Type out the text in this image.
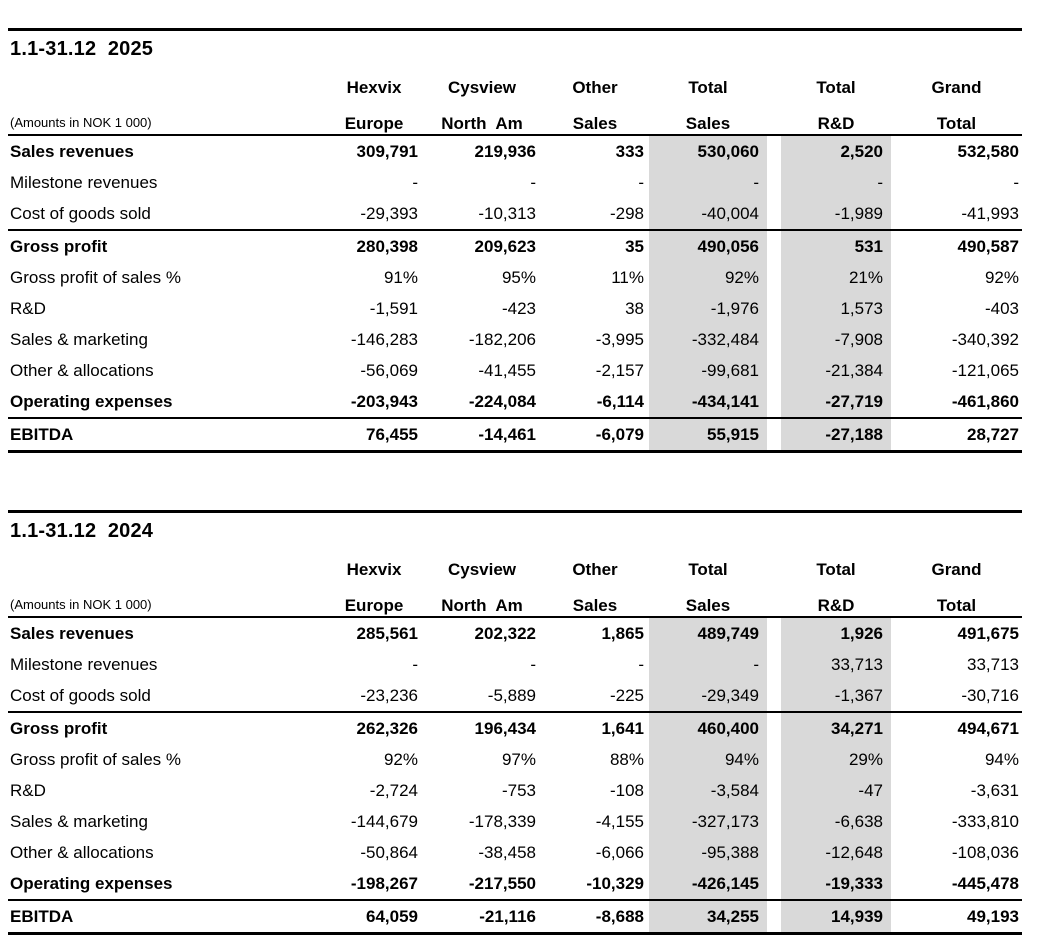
1.1-31.12  2025
	Hexvix	Cysview	Other	Total		Total	Grand
(Amounts in NOK 1 000)	Europe	North  Am	Sales	Sales		R&D	Total
Sales revenues	309,791	219,936	333	530,060		2,520	532,580
Milestone revenues	-	-	-	-		-	-
Cost of goods sold	-29,393	-10,313	-298	-40,004		-1,989	-41,993
Gross profit	280,398	209,623	35	490,056		531	490,587
Gross profit of sales %	91%	95%	11%	92%		21%	92%
R&D	-1,591	-423	38	-1,976		1,573	-403
Sales & marketing	-146,283	-182,206	-3,995	-332,484		-7,908	-340,392
Other & allocations	-56,069	-41,455	-2,157	-99,681		-21,384	-121,065
Operating expenses	-203,943	-224,084	-6,114	-434,141		-27,719	-461,860
EBITDA	76,455	-14,461	-6,079	55,915		-27,188	28,727
1.1-31.12  2024
	Hexvix	Cysview	Other	Total		Total	Grand
(Amounts in NOK 1 000)	Europe	North  Am	Sales	Sales		R&D	Total
Sales revenues	285,561	202,322	1,865	489,749		1,926	491,675
Milestone revenues	-	-	-	-		33,713	33,713
Cost of goods sold	-23,236	-5,889	-225	-29,349		-1,367	-30,716
Gross profit	262,326	196,434	1,641	460,400		34,271	494,671
Gross profit of sales %	92%	97%	88%	94%		29%	94%
R&D	-2,724	-753	-108	-3,584		-47	-3,631
Sales & marketing	-144,679	-178,339	-4,155	-327,173		-6,638	-333,810
Other & allocations	-50,864	-38,458	-6,066	-95,388		-12,648	-108,036
Operating expenses	-198,267	-217,550	-10,329	-426,145		-19,333	-445,478
EBITDA	64,059	-21,116	-8,688	34,255		14,939	49,193
